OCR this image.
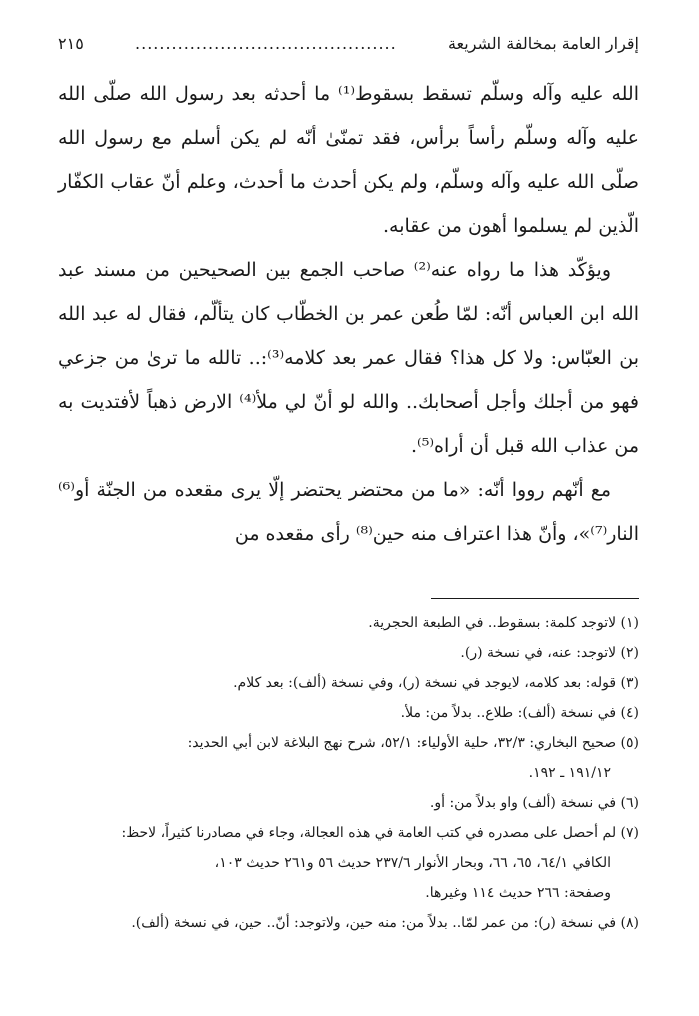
إقرار العامة بمخالفة الشريعة
...........................................
٢١٥

الله عليه وآله وسلّم تسقط بسقوط⁽¹⁾ ما أحدثه بعد رسول الله صلّى الله عليه وآله وسلّم رأساً برأس، فقد تمنّىٰ أنّه لم يكن أسلم مع رسول الله صلّى الله عليه وآله وسلّم، ولم يكن أحدث ما أحدث، وعلم أنّ عقاب الكفّار الّذين لم يسلموا أهون من عقابه.

ويؤكّد هذا ما رواه عنه⁽²⁾ صاحب الجمع بين الصحيحين من مسند عبد الله ابن العباس أنّه: لمّا طُعن عمر بن الخطّاب كان يتألّم، فقال له عبد الله بن العبّاس: ولا كل هذا؟ فقال عمر بعد كلامه⁽³⁾:.. تالله ما ترىٰ من جزعي فهو من أجلك وأجل أصحابك.. والله لو أنّ لي ملأ⁽⁴⁾ الارض ذهباً لأفتديت به من عذاب الله قبل أن أراه⁽⁵⁾.

مع أنّهم رووا أنّه: «ما من محتضر يحتضر إلّا يرى مقعده من الجنّة أو⁽⁶⁾ النار⁽⁷⁾»، وأنّ هذا اعتراف منه حين⁽⁸⁾ رأى مقعده من

(١) لاتوجد كلمة: بسقوط.. في الطبعة الحجرية.

(٢) لاتوجد: عنه، في نسخة (ر).

(٣) قوله: بعد كلامه، لايوجد في نسخة (ر)، وفي نسخة (ألف): بعد كلام.

(٤) في نسخة (ألف): طلاع.. بدلاً من: ملأ.

(٥) صحيح البخاري: ٣٢/٣، حلية الأولياء: ٥٢/١، شرح نهج البلاغة لابن أبي الحديد:

١٩١/١٢ ـ ١٩٢.

(٦) في نسخة (ألف) واو بدلاً من: أو.

(٧) لم أحصل على مصدره في كتب العامة في هذه العجالة، وجاء في مصادرنا كثيراً، لاحظ:

الكافي ٦٤/١، ٦٥، ٦٦، وبحار الأنوار ٢٣٧/٦ حديث ٥٦ و٢٦١ حديث ١٠٣،

وصفحة: ٢٦٦ حديث ١١٤ وغيرها.

(٨) في نسخة (ر): من عمر لمّا.. بدلاً من: منه حين، ولاتوجد: أنّ.. حين، في نسخة (ألف).
